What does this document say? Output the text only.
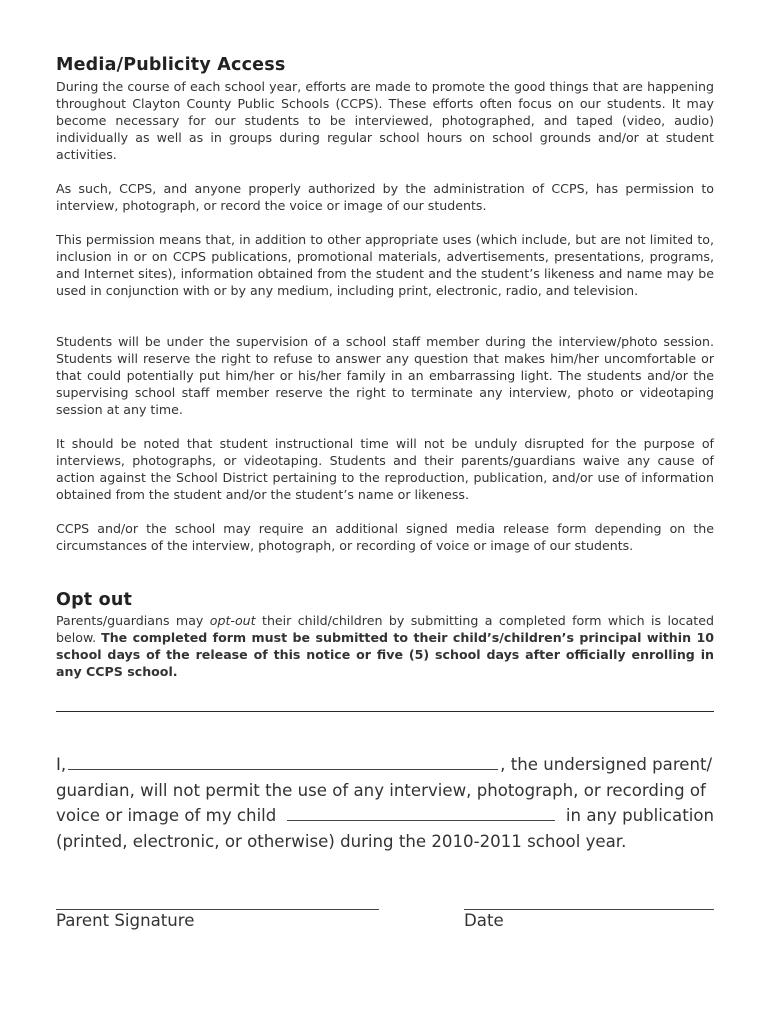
Media/Publicity Access
During the course of each school year, efforts are made to promote the good things that are happening throughout Clayton County Public Schools (CCPS). These efforts often focus on our students. It may become necessary for our students to be interviewed, photographed, and taped (video, audio) individually as well as in groups during regular school hours on school grounds and/or at student activities.
As such, CCPS, and anyone properly authorized by the administration of CCPS, has permission to interview, photograph, or record the voice or image of our students.
This permission means that, in addition to other appropriate uses (which include, but are not limited to, inclusion in or on CCPS publications, promotional materials, advertisements, presentations, programs, and Internet sites), information obtained from the student and the student’s likeness and name may be used in conjunction with or by any medium, including print, electronic, radio, and television.
Students will be under the supervision of a school staff member during the interview/photo session. Students will reserve the right to refuse to answer any question that makes him/her uncomfortable or that could potentially put him/her or his/her family in an embarrassing light. The students and/or the supervising school staff member reserve the right to terminate any interview, photo or videotaping session at any time.
It should be noted that student instructional time will not be unduly disrupted for the purpose of interviews, photographs, or videotaping. Students and their parents/guardians waive any cause of action against the School District pertaining to the reproduction, publication, and/or use of information obtained from the student and/or the student’s name or likeness.
CCPS and/or the school may require an additional signed media release form depending on the circumstances of the interview, photograph, or recording of voice or image of our students.
Opt out
Parents/guardians may opt-out their child/children by submitting a completed form which is located below. The completed form must be submitted to their child’s/children’s principal within 10 school days of the release of this notice or five (5) school days after officially enrolling in any CCPS school.
I,	, the undersigned parent/
guardian, will not permit the use of any interview, photograph, or recording of
voice or image of my child	in any publication
(printed, electronic, or otherwise) during the 2010-2011 school year.
Parent Signature	Date
